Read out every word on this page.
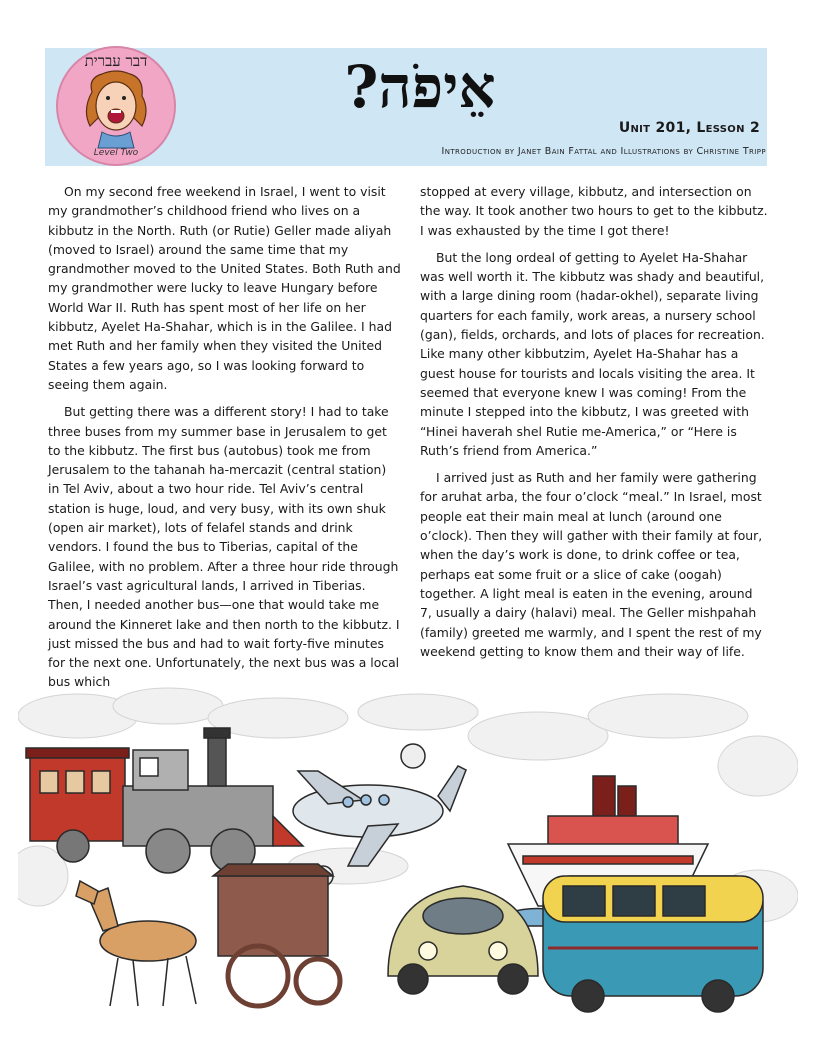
דבר עברית
Level Two
אֵיפֹה?
Unit 201, Lesson 2
Introduction by Janet Bain Fattal and Illustrations by Christine Tripp

On my second free weekend in Israel, I went to visit my grandmother’s childhood friend who lives on a kibbutz in the North. Ruth (or Rutie) Geller made aliyah (moved to Israel) around the same time that my grandmother moved to the United States. Both Ruth and my grandmother were lucky to leave Hungary before World War II. Ruth has spent most of her life on her kibbutz, Ayelet Ha-Shahar, which is in the Galilee. I had met Ruth and her family when they visited the United States a few years ago, so I was looking forward to seeing them again.

But getting there was a different story! I had to take three buses from my summer base in Jerusalem to get to the kibbutz. The first bus (autobus) took me from Jerusalem to the tahanah ha-mercazit (central station) in Tel Aviv, about a two hour ride. Tel Aviv’s central station is huge, loud, and very busy, with its own shuk (open air market), lots of felafel stands and drink vendors. I found the bus to Tiberias, capital of the Galilee, with no problem. After a three hour ride through Israel’s vast agricultural lands, I arrived in Tiberias. Then, I needed another bus—one that would take me around the Kinneret lake and then north to the kibbutz. I just missed the bus and had to wait forty-five minutes for the next one. Unfortunately, the next bus was a local bus which

stopped at every village, kibbutz, and intersection on the way. It took another two hours to get to the kibbutz. I was exhausted by the time I got there!

But the long ordeal of getting to Ayelet Ha-Shahar was well worth it. The kibbutz was shady and beautiful, with a large dining room (hadar-okhel), separate living quarters for each family, work areas, a nursery school (gan), fields, orchards, and lots of places for recreation. Like many other kibbutzim, Ayelet Ha-Shahar has a guest house for tourists and locals visiting the area. It seemed that everyone knew I was coming! From the minute I stepped into the kibbutz, I was greeted with “Hinei haverah shel Rutie me-America,” or “Here is Ruth’s friend from America.”

I arrived just as Ruth and her family were gathering for aruhat arba, the four o’clock “meal.” In Israel, most people eat their main meal at lunch (around one o’clock). Then they will gather with their family at four, when the day’s work is done, to drink coffee or tea, perhaps eat some fruit or a slice of cake (oogah) together. A light meal is eaten in the evening, around 7, usually a dairy (halavi) meal. The Geller mishpahah (family) greeted me warmly, and I spent the rest of my weekend getting to know them and their way of life.
